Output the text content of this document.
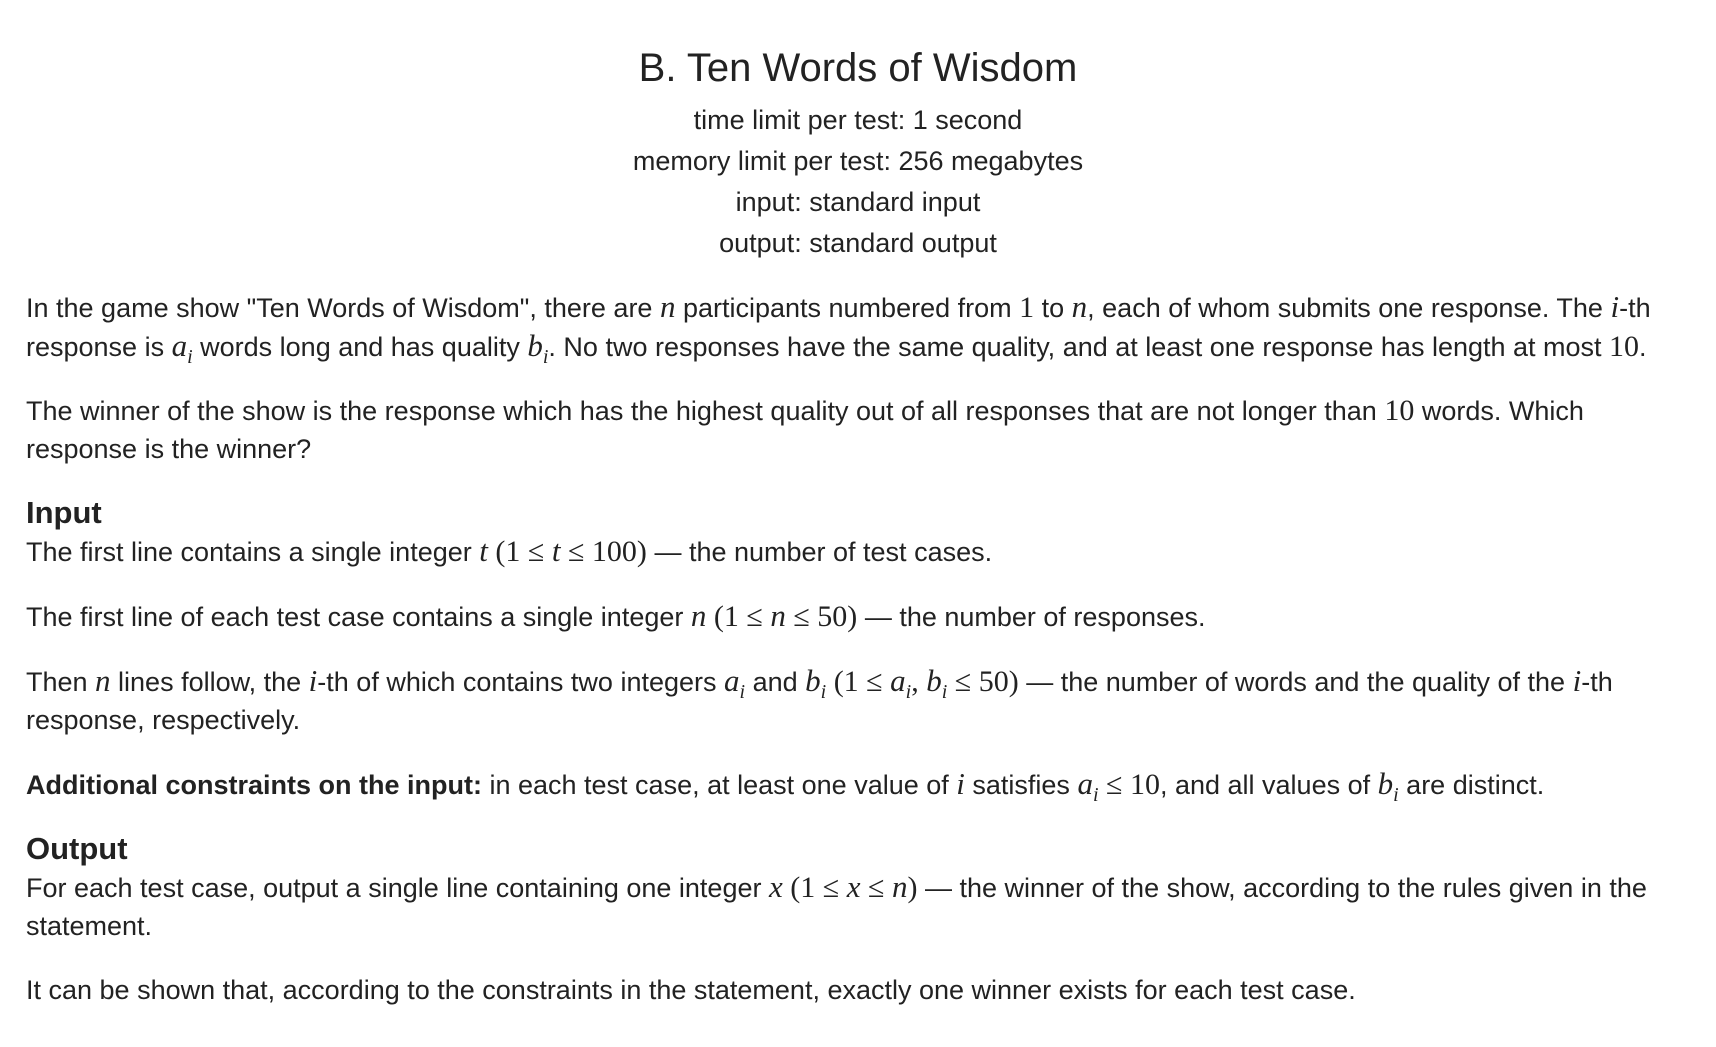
B. Ten Words of Wisdom
time limit per test: 1 second
memory limit per test: 256 megabytes
input: standard input
output: standard output

In the game show "Ten Words of Wisdom", there are n participants numbered from 1 to n, each of whom submits one response. The i-th response is $a_i$ words long and has quality $b_i$. No two responses have the same quality, and at least one response has length at most 10.

The winner of the show is the response which has the highest quality out of all responses that are not longer than 10 words. Which response is the winner?

Input

The first line contains a single integer t (1 ≤ t ≤ 100) — the number of test cases.

The first line of each test case contains a single integer n (1 ≤ n ≤ 50) — the number of responses.

Then n lines follow, the i-th of which contains two integers $a_i$ and $b_i$ ($1 \le a_i$, $b_i \le 50$) — the number of words and the quality of the i-th response, respectively.

Additional constraints on the input: in each test case, at least one value of i satisfies $a_i \le 10$, and all values of $b_i$ are distinct.

Output

For each test case, output a single line containing one integer x (1 ≤ x ≤ n) — the winner of the show, according to the rules given in the statement.

It can be shown that, according to the constraints in the statement, exactly one winner exists for each test case.
